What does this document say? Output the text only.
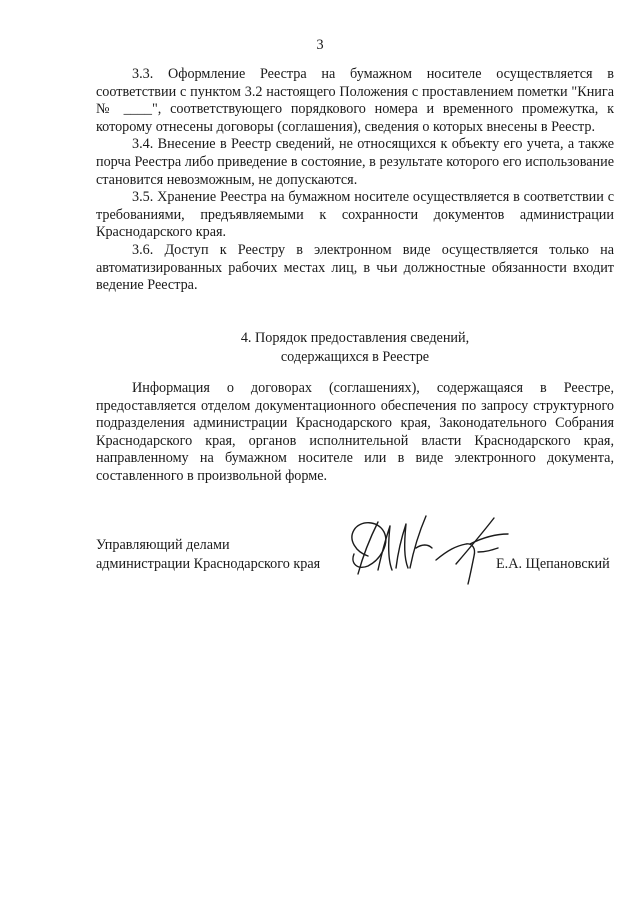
3

3.3. Оформление Реестра на бумажном носителе осуществляется в соответствии с пунктом 3.2 настоящего Положения с проставлением пометки "Книга № ____", соответствующего порядкового номера и временного промежутка, к которому отнесены договоры (соглашения), сведения о которых внесены в Реестр.

3.4. Внесение в Реестр сведений, не относящихся к объекту его учета, а также порча Реестра либо приведение в состояние, в результате которого его использование становится невозможным, не допускаются.

3.5. Хранение Реестра на бумажном носителе осуществляется в соответствии с требованиями, предъявляемыми к сохранности документов администрации Краснодарского края.

3.6. Доступ к Реестру в электронном виде осуществляется только на автоматизированных рабочих местах лиц, в чьи должностные обязанности входит ведение Реестра.

4. Порядок предоставления сведений,
содержащихся в Реестре

Информация о договорах (соглашениях), содержащаяся в Реестре, предоставляется отделом документационного обеспечения по запросу структурного подразделения администрации Краснодарского края, Законодательного Собрания Краснодарского края, органов исполнительной власти Краснодарского края, направленному на бумажном носителе или в виде электронного документа, составленного в произвольной форме.

Управляющий делами
администрации Краснодарского края	Е.А. Щепановский
